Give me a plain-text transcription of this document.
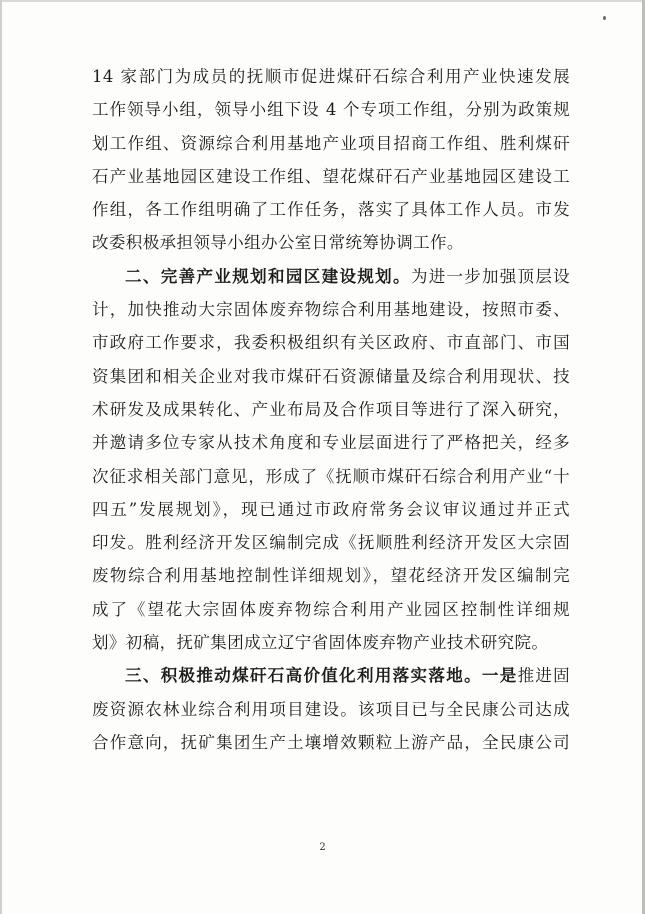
14 家部门为成员的抚顺市促进煤矸石综合利用产业快速发展
工作领导小组，领导小组下设 4 个专项工作组，分别为政策规
划工作组、资源综合利用基地产业项目招商工作组、胜利煤矸
石产业基地园区建设工作组、望花煤矸石产业基地园区建设工
作组，各工作组明确了工作任务，落实了具体工作人员。市发
改委积极承担领导小组办公室日常统筹协调工作。
二、完善产业规划和园区建设规划。为进一步加强顶层设
计，加快推动大宗固体废弃物综合利用基地建设，按照市委、
市政府工作要求，我委积极组织有关区政府、市直部门、市国
资集团和相关企业对我市煤矸石资源储量及综合利用现状、技
术研发及成果转化、产业布局及合作项目等进行了深入研究，
并邀请多位专家从技术角度和专业层面进行了严格把关，经多
次征求相关部门意见，形成了《抚顺市煤矸石综合利用产业“十
四五”发展规划》，现已通过市政府常务会议审议通过并正式
印发。胜利经济开发区编制完成《抚顺胜利经济开发区大宗固
废物综合利用基地控制性详细规划》，望花经济开发区编制完
成了《望花大宗固体废弃物综合利用产业园区控制性详细规
划》初稿，抚矿集团成立辽宁省固体废弃物产业技术研究院。
三、积极推动煤矸石高价值化利用落实落地。一是推进固
废资源农林业综合利用项目建设。该项目已与全民康公司达成
合作意向，抚矿集团生产土壤增效颗粒上游产品，全民康公司
2
